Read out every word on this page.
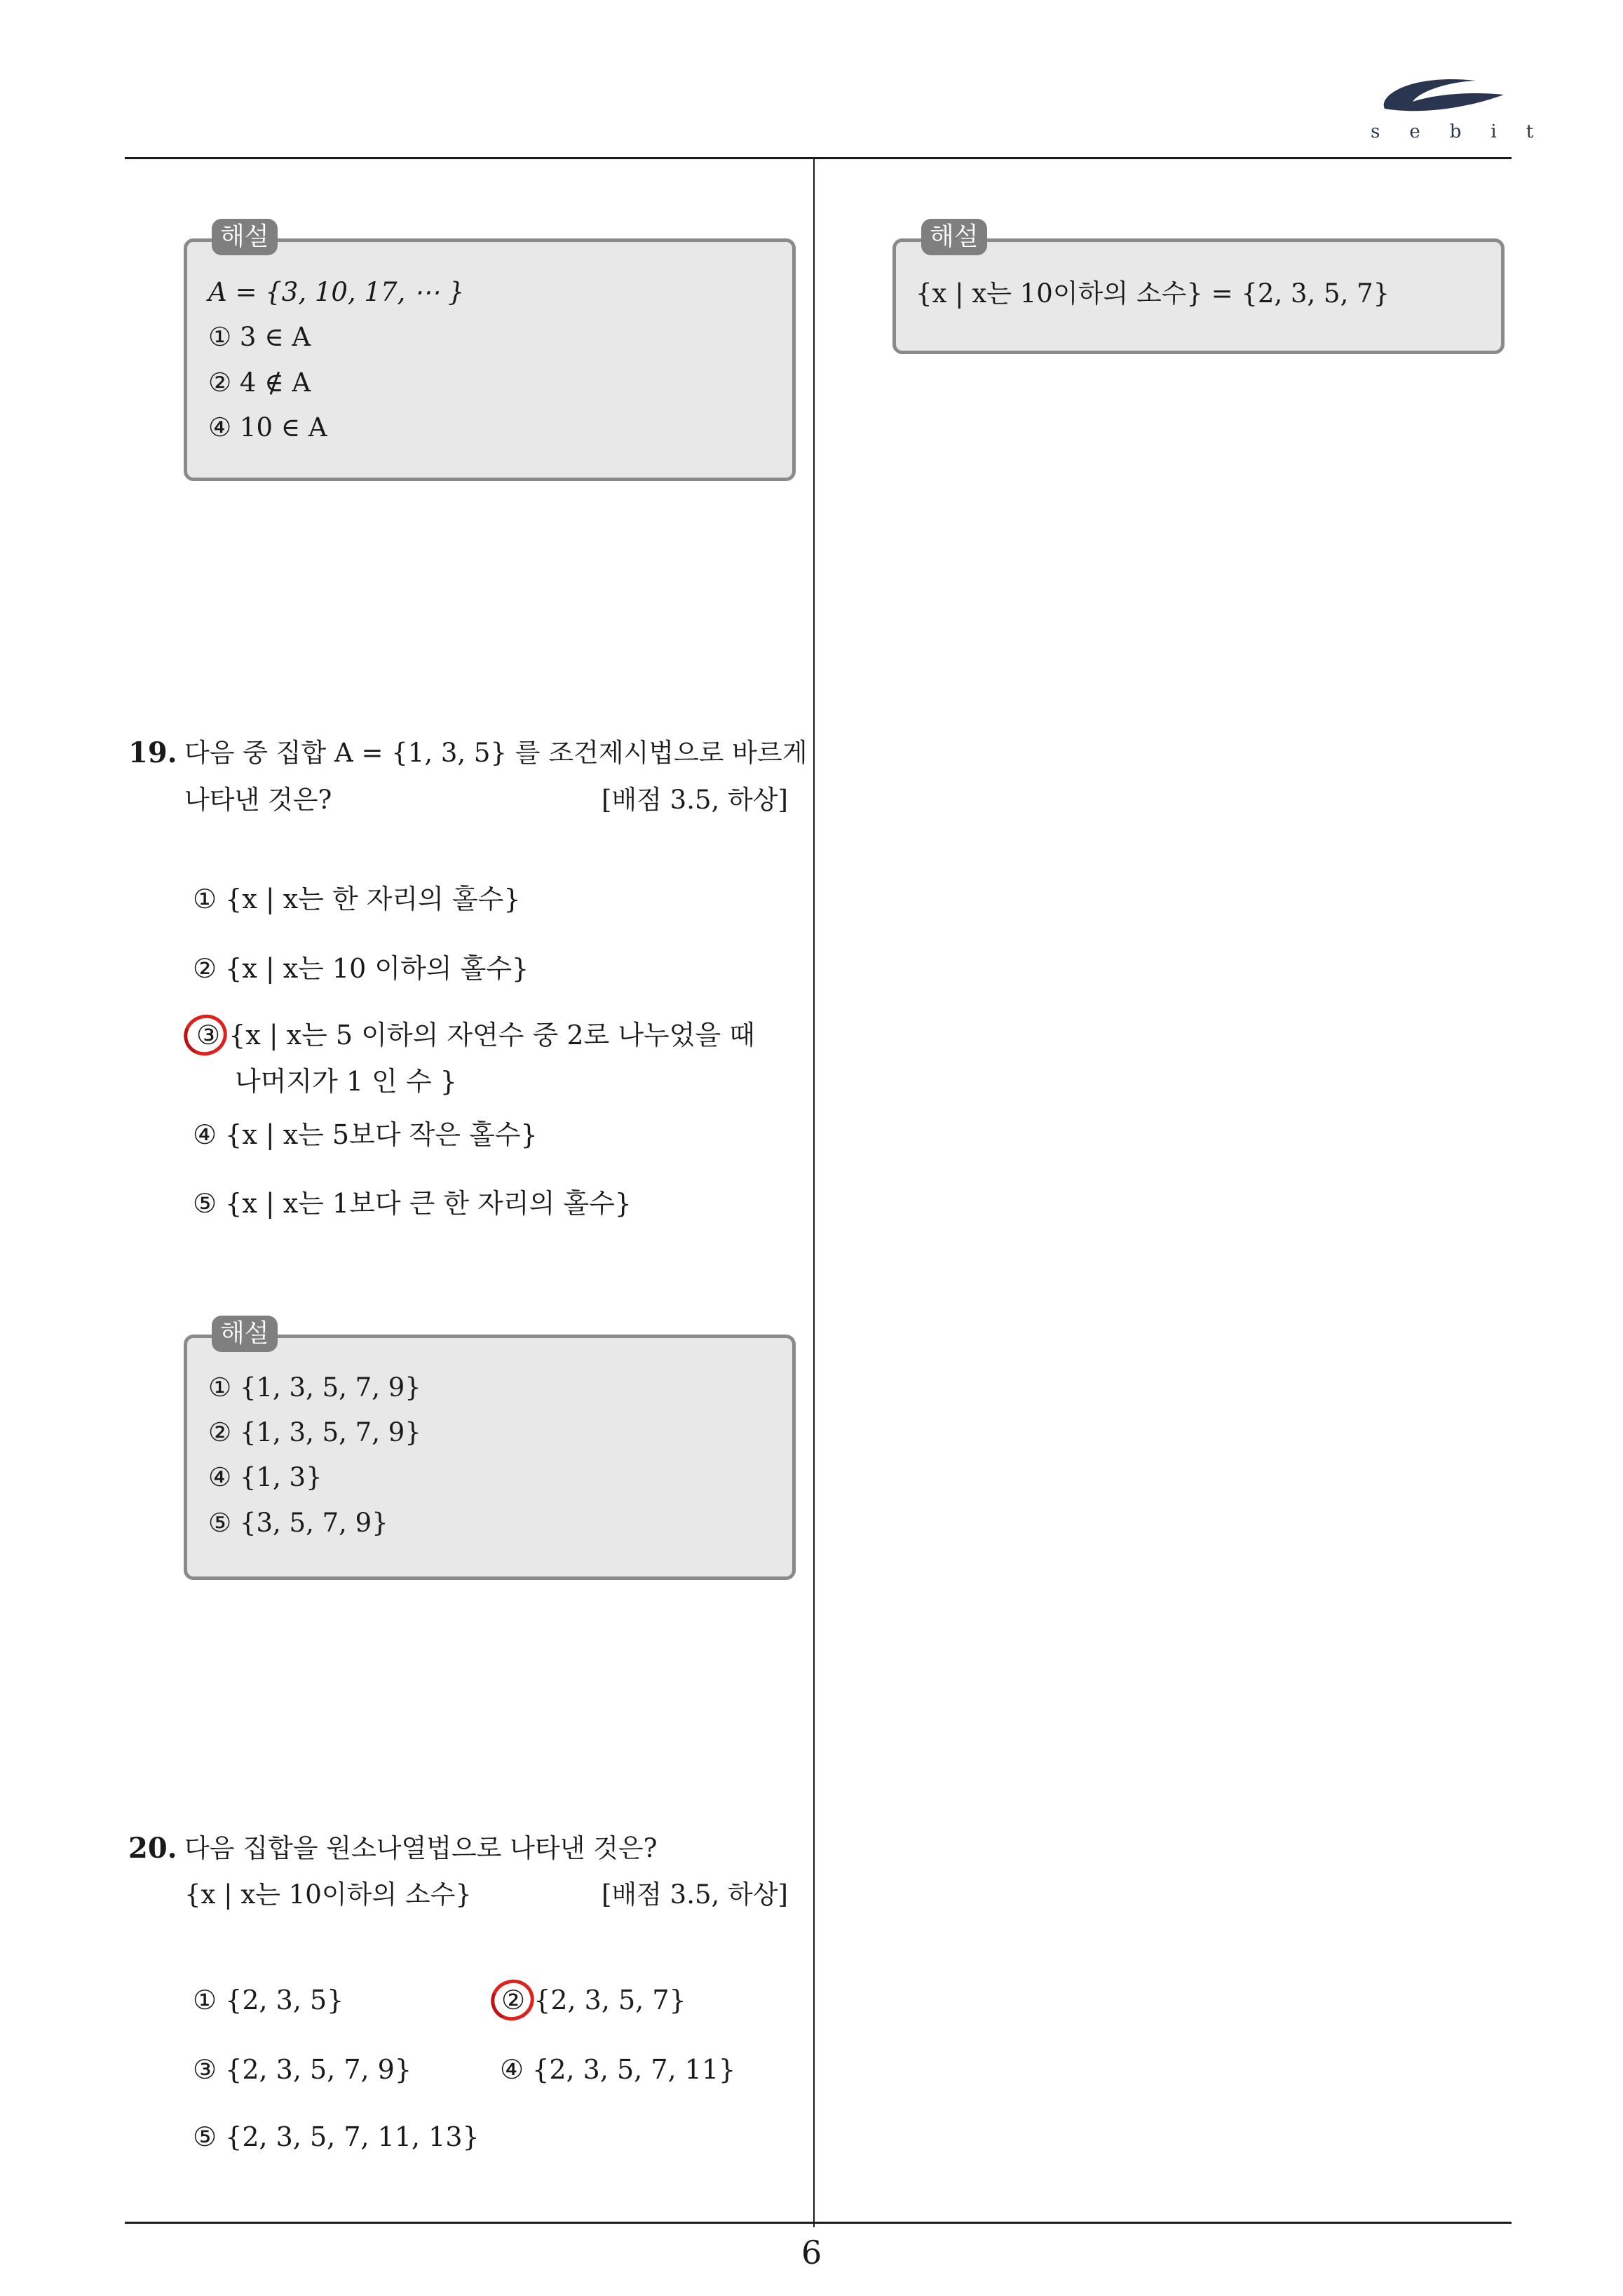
sebit
해설
A = {3, 10, 17, ⋯ }
① 3 ∈ A
② 4 ∉ A
④ 10 ∈ A
19. 다음 중 집합 A = {1, 3, 5} 를 조건제시법으로 바르게
나타낸 것은?	[배점 3.5, 하상]
① {x | x는 한 자리의 홀수}
② {x | x는 10 이하의 홀수}
③ {x | x는 5 이하의 자연수 중 2로 나누었을 때
나머지가 1 인 수 }
④ {x | x는 5보다 작은 홀수}
⑤ {x | x는 1보다 큰 한 자리의 홀수}
해설
① {1, 3, 5, 7, 9}
② {1, 3, 5, 7, 9}
④ {1, 3}
⑤ {3, 5, 7, 9}
20. 다음 집합을 원소나열법으로 나타낸 것은?
{x | x는 10이하의 소수}	[배점 3.5, 하상]
① {2, 3, 5}	② {2, 3, 5, 7}
③ {2, 3, 5, 7, 9}	④ {2, 3, 5, 7, 11}
⑤ {2, 3, 5, 7, 11, 13}
해설
{x | x는 10이하의 소수} = {2, 3, 5, 7}
6
